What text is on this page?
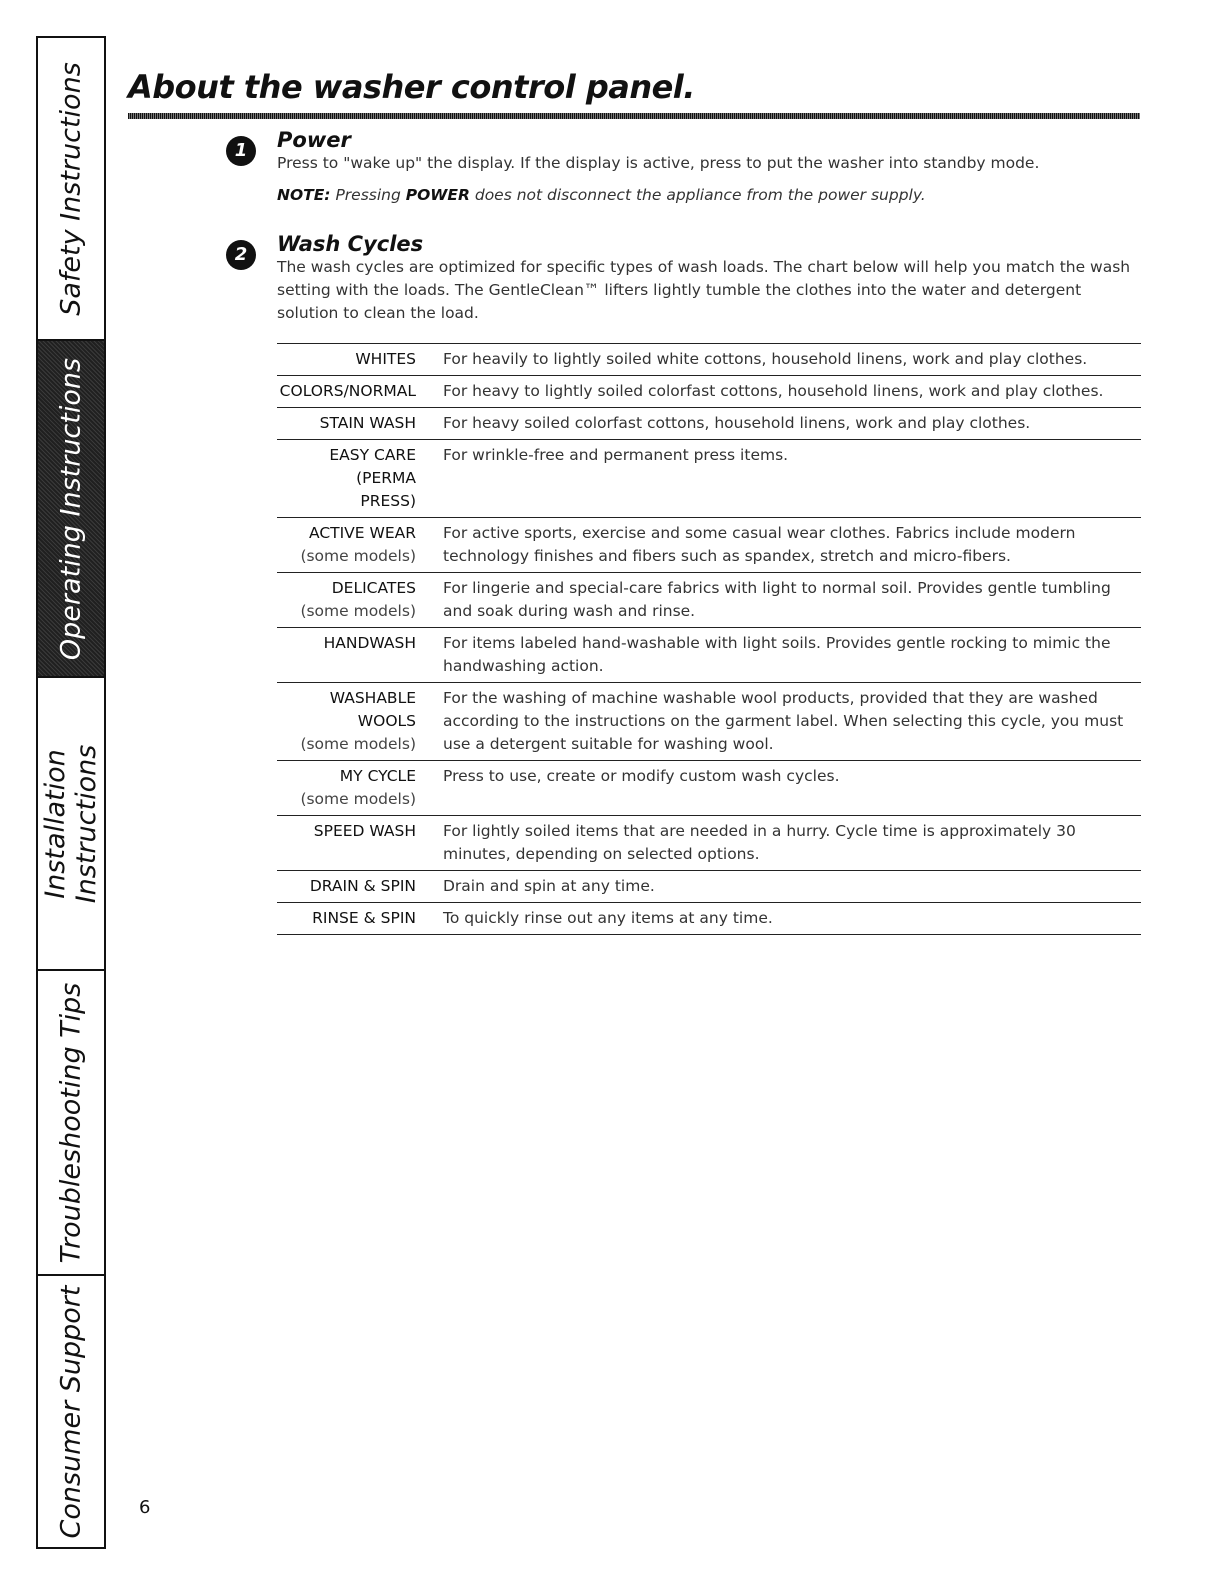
Safety Instructions
Operating Instructions
Installation
Instructions
Troubleshooting Tips
Consumer Support
About the washer control panel.
1	Power

Press to "wake up" the display. If the display is active, press to put the washer into standby mode.

NOTE: Pressing POWER does not disconnect the appliance from the power supply.
2	Wash Cycles

The wash cycles are optimized for specific types of wash loads. The chart below will help you match the wash setting with the loads. The GentleClean™ lifters lightly tumble the clothes into the water and detergent solution to clean the load.

WHITES For heavily to lightly soiled white cottons, household linens, work and play clothes.
COLORS/NORMAL For heavy to lightly soiled colorfast cottons, household linens, work and play clothes.
STAIN WASH For heavy soiled colorfast cottons, household linens, work and play clothes.
EASY CARE (PERMA PRESS)
For wrinkle-free and permanent press items.
ACTIVE WEAR
(some models)
For active sports, exercise and some casual wear clothes. Fabrics include modern technology finishes and fibers such as spandex, stretch and micro-fibers.
DELICATES
(some models)
For lingerie and special-care fabrics with light to normal soil. Provides gentle tumbling and soak during wash and rinse.
HANDWASH For items labeled hand-washable with light soils. Provides gentle rocking to mimic the handwashing action.
WASHABLE WOOLS
(some models)
For the washing of machine washable wool products, provided that they are washed according to the instructions on the garment label. When selecting this cycle, you must use a detergent suitable for washing wool.
MY CYCLE
(some models)
Press to use, create or modify custom wash cycles.
SPEED WASH For lightly soiled items that are needed in a hurry. Cycle time is approximately 30 minutes, depending on selected options.
DRAIN & SPIN Drain and spin at any time.
RINSE & SPIN To quickly rinse out any items at any time.
6
